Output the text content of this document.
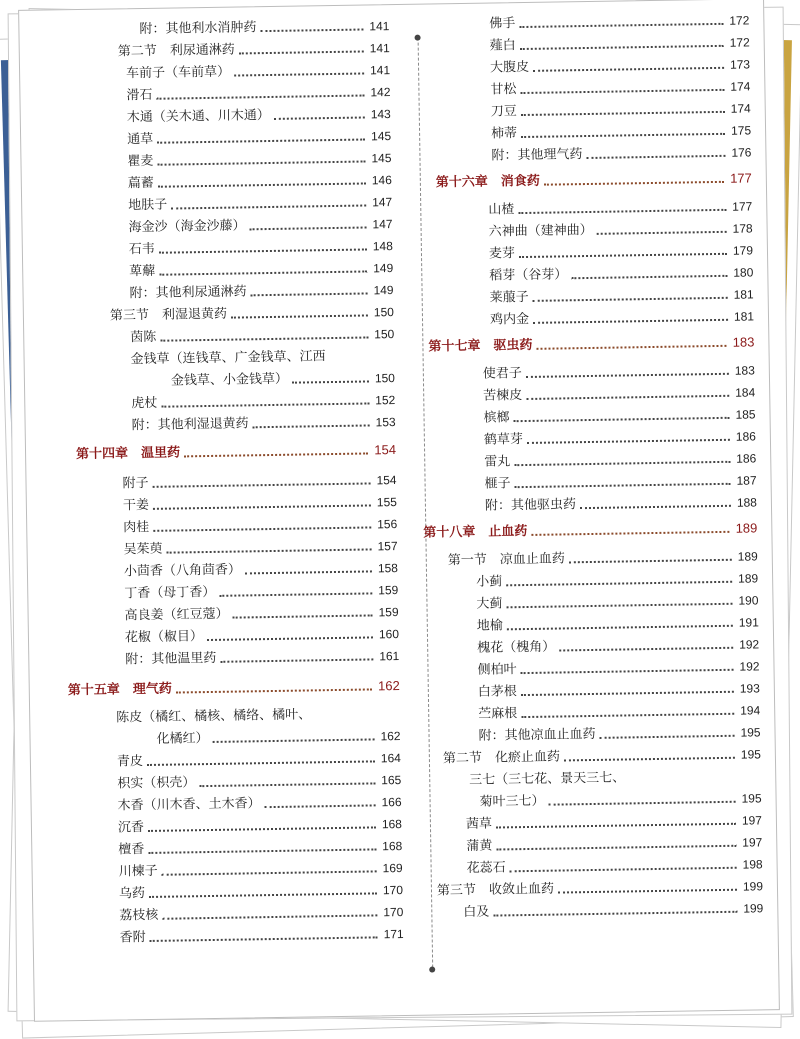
附：其他利水消肿药	141
第二节　利尿通淋药	141
车前子（车前草）	141
滑石	142
木通（关木通、川木通）	143
通草	145
瞿麦	145
萹蓄	146
地肤子	147
海金沙（海金沙藤）	147
石韦	148
萆薢	149
附：其他利尿通淋药	149
第三节　利湿退黄药	150
茵陈	150
金钱草（连钱草、广金钱草、江西
金钱草、小金钱草）	150
虎杖	152
附：其他利湿退黄药	153
第十四章　温里药	154
附子	154
干姜	155
肉桂	156
吴茱萸	157
小茴香（八角茴香）	158
丁香（母丁香）	159
高良姜（红豆蔻）	159
花椒（椒目）	160
附：其他温里药	161
第十五章　理气药	162
陈皮（橘红、橘核、橘络、橘叶、
化橘红）	162
青皮	164
枳实（枳壳）	165
木香（川木香、土木香）	166
沉香	168
檀香	168
川楝子	169
乌药	170
荔枝核	170
香附	171
佛手	172
薤白	172
大腹皮	173
甘松	174
刀豆	174
柿蒂	175
附：其他理气药	176
第十六章　消食药	177
山楂	177
六神曲（建神曲）	178
麦芽	179
稻芽（谷芽）	180
莱菔子	181
鸡内金	181
第十七章　驱虫药	183
使君子	183
苦楝皮	184
槟榔	185
鹤草芽	186
雷丸	186
榧子	187
附：其他驱虫药	188
第十八章　止血药	189
第一节　凉血止血药	189
小蓟	189
大蓟	190
地榆	191
槐花（槐角）	192
侧柏叶	192
白茅根	193
苎麻根	194
附：其他凉血止血药	195
第二节　化瘀止血药	195
三七（三七花、景天三七、
菊叶三七）	195
茜草	197
蒲黄	197
花蕊石	198
第三节　收敛止血药	199
白及	199
